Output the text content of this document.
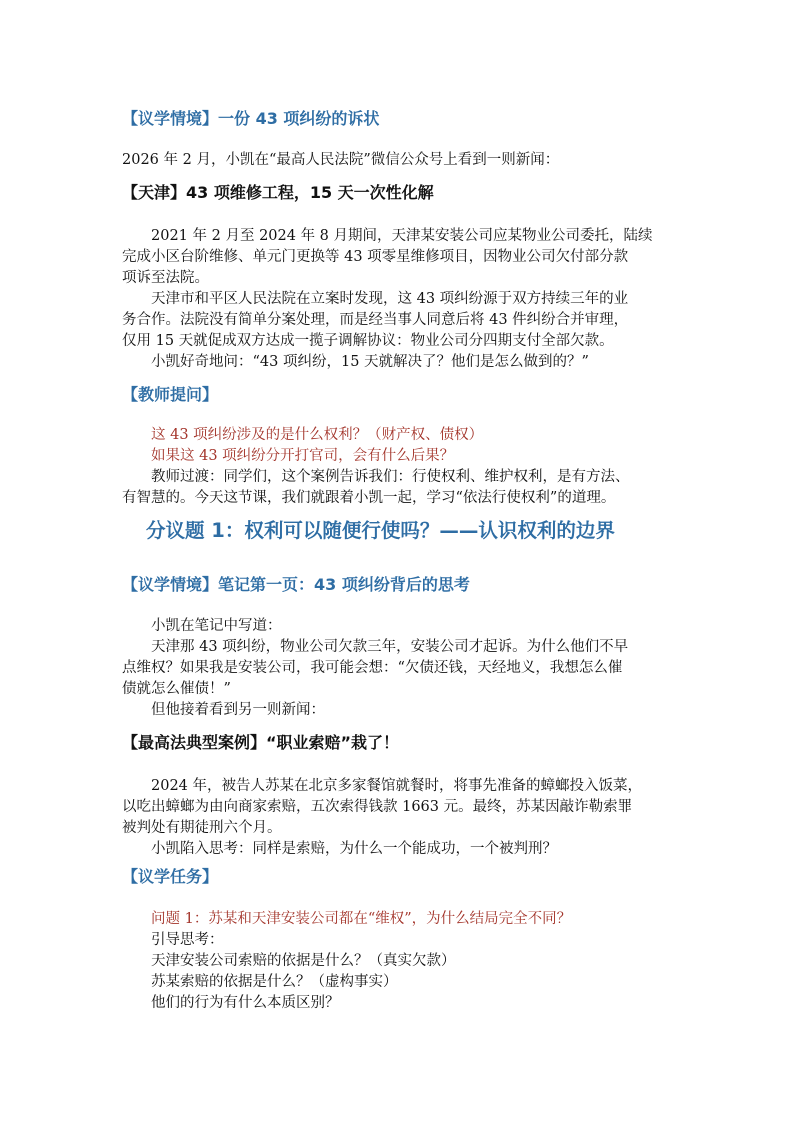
【议学情境】一份 43 项纠纷的诉状
2026 年 2 月，小凯在“最高人民法院”微信公众号上看到一则新闻：
【天津】43 项维修工程，15 天一次性化解
2021 年 2 月至 2024 年 8 月期间，天津某安装公司应某物业公司委托，陆续
完成小区台阶维修、单元门更换等 43 项零星维修项目，因物业公司欠付部分款
项诉至法院。
天津市和平区人民法院在立案时发现，这 43 项纠纷源于双方持续三年的业
务合作。法院没有简单分案处理，而是经当事人同意后将 43 件纠纷合并审理，
仅用 15 天就促成双方达成一揽子调解协议：物业公司分四期支付全部欠款。
小凯好奇地问：“43 项纠纷，15 天就解决了？他们是怎么做到的？”
【教师提问】
这 43 项纠纷涉及的是什么权利？（财产权、债权）
如果这 43 项纠纷分开打官司，会有什么后果？
教师过渡：同学们，这个案例告诉我们：行使权利、维护权利，是有方法、
有智慧的。今天这节课，我们就跟着小凯一起，学习“依法行使权利”的道理。
分议题 1：权利可以随便行使吗？——认识权利的边界
【议学情境】笔记第一页：43 项纠纷背后的思考
小凯在笔记中写道：
天津那 43 项纠纷，物业公司欠款三年，安装公司才起诉。为什么他们不早
点维权？如果我是安装公司，我可能会想：“欠债还钱，天经地义，我想怎么催
债就怎么催债！”
但他接着看到另一则新闻：
【最高法典型案例】“职业索赔”栽了！
2024 年，被告人苏某在北京多家餐馆就餐时，将事先准备的蟑螂投入饭菜，
以吃出蟑螂为由向商家索赔，五次索得钱款 1663 元。最终，苏某因敲诈勒索罪
被判处有期徒刑六个月。
小凯陷入思考：同样是索赔，为什么一个能成功，一个被判刑？
【议学任务】
问题 1：苏某和天津安装公司都在“维权”，为什么结局完全不同？
引导思考：
天津安装公司索赔的依据是什么？（真实欠款）
苏某索赔的依据是什么？（虚构事实）
他们的行为有什么本质区别？
